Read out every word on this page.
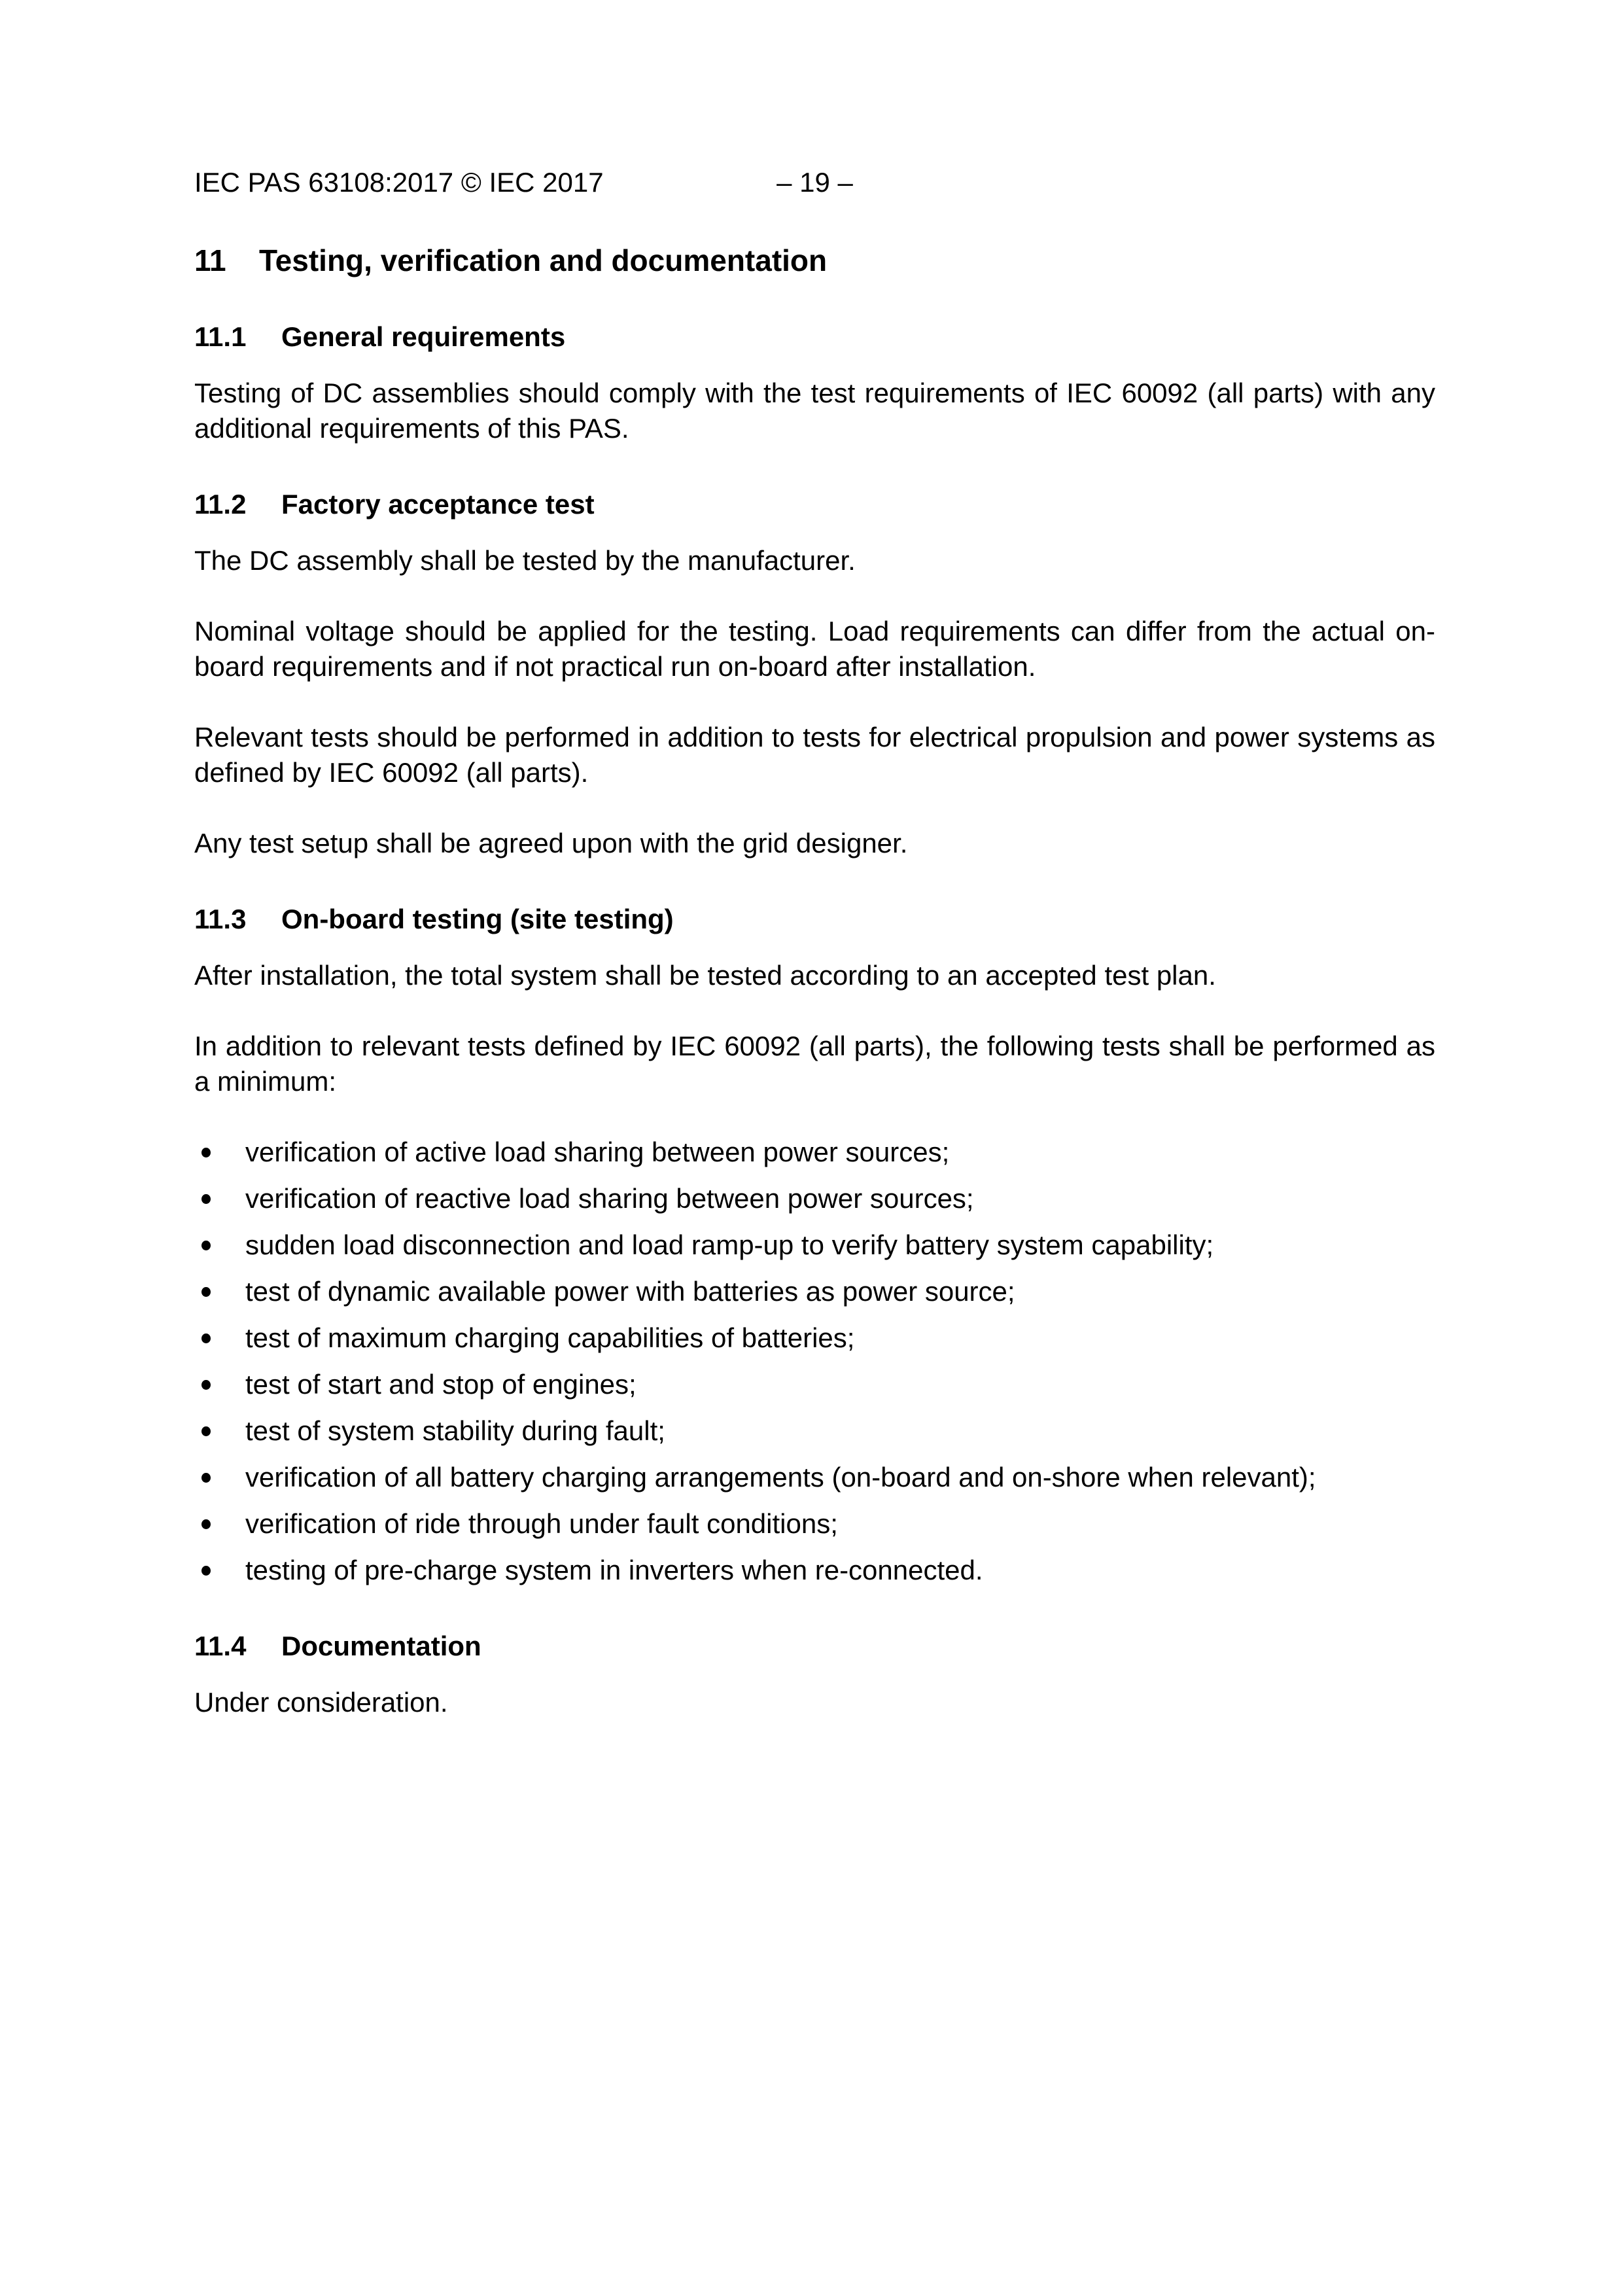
IEC PAS 63108:2017 © IEC 2017	– 19 –
11 Testing, verification and documentation
11.1 General requirements

Testing of DC assemblies should comply with the test requirements of IEC 60092 (all parts) with any additional requirements of this PAS.

11.2 Factory acceptance test

The DC assembly shall be tested by the manufacturer.

Nominal voltage should be applied for the testing. Load requirements can differ from the actual on-board requirements and if not practical run on-board after installation.

Relevant tests should be performed in addition to tests for electrical propulsion and power systems as defined by IEC 60092 (all parts).

Any test setup shall be agreed upon with the grid designer.

11.3 On-board testing (site testing)

After installation, the total system shall be tested according to an accepted test plan.

In addition to relevant tests defined by IEC 60092 (all parts), the following tests shall be performed as a minimum:

verification of active load sharing between power sources;
verification of reactive load sharing between power sources;
sudden load disconnection and load ramp-up to verify battery system capability;
test of dynamic available power with batteries as power source;
test of maximum charging capabilities of batteries;
test of start and stop of engines;
test of system stability during fault;
verification of all battery charging arrangements (on-board and on-shore when relevant);
verification of ride through under fault conditions;
testing of pre-charge system in inverters when re-connected.
11.4 Documentation

Under consideration.
